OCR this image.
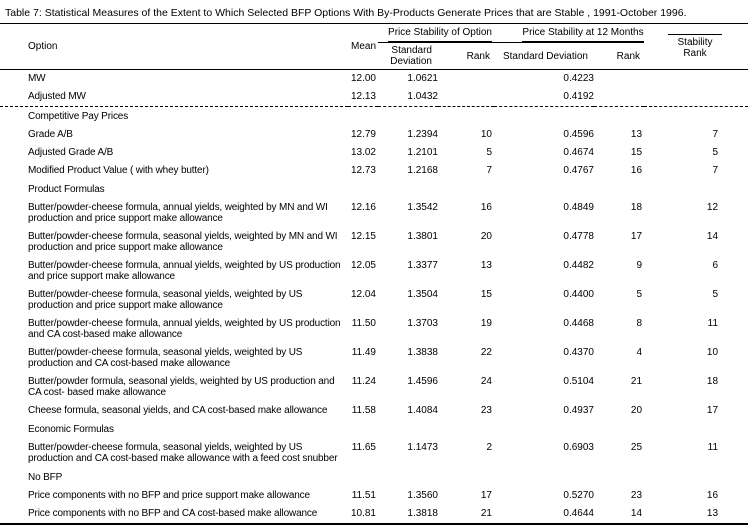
Table 7: Statistical Measures of the Extent to Which Selected BFP Options With By-Products Generate Prices that are Stable , 1991-October 1996.
Option	Mean	Price Stability of Option		Price Stability at 12 Months		Stability Rank

		Standard Deviation	Rank	Standard Deviation	Rank	
MW	12.00	1.0621		0.4223		
Adjusted MW	12.13	1.0432		0.4192		
Competitive Pay Prices						
Grade A/B	12.79	1.2394	10	0.4596	13	7
Adjusted Grade A/B	13.02	1.2101	5	0.4674	15	5
Modified Product Value ( with whey butter)	12.73	1.2168	7	0.4767	16	7
Product Formulas						
Butter/powder-cheese formula, annual yields, weighted by MN and WI production and price support make allowance	12.16	1.3542	16	0.4849	18	12
Butter/powder-cheese formula, seasonal yields, weighted by MN and WI production and price support make allowance	12.15	1.3801	20	0.4778	17	14
Butter/powder-cheese formula, annual yields, weighted by US production and price support make allowance	12.05	1.3377	13	0.4482	9	6
Butter/powder-cheese formula, seasonal yields, weighted by US production and price support make allowance	12.04	1.3504	15	0.4400	5	5
Butter/powder-cheese formula, annual yields, weighted by US production and CA cost-based make allowance	11.50	1.3703	19	0.4468	8	11
Butter/powder-cheese formula, seasonal yields, weighted by US production and CA cost-based make allowance	11.49	1.3838	22	0.4370	4	10
Butter/powder formula, seasonal yields, weighted by US production and CA cost- based make allowance	11.24	1.4596	24	0.5104	21	18
Cheese formula, seasonal yields, and CA cost-based make allowance	11.58	1.4084	23	0.4937	20	17
Economic Formulas						
Butter/powder-cheese formula, seasonal yields, weighted by US production and CA cost-based make allowance with a feed cost snubber	11.65	1.1473	2	0.6903	25	11
No BFP						
Price components with no BFP and price support make allowance	11.51	1.3560	17	0.5270	23	16
Price components with no BFP and CA cost-based make allowance	10.81	1.3818	21	0.4644	14	13
